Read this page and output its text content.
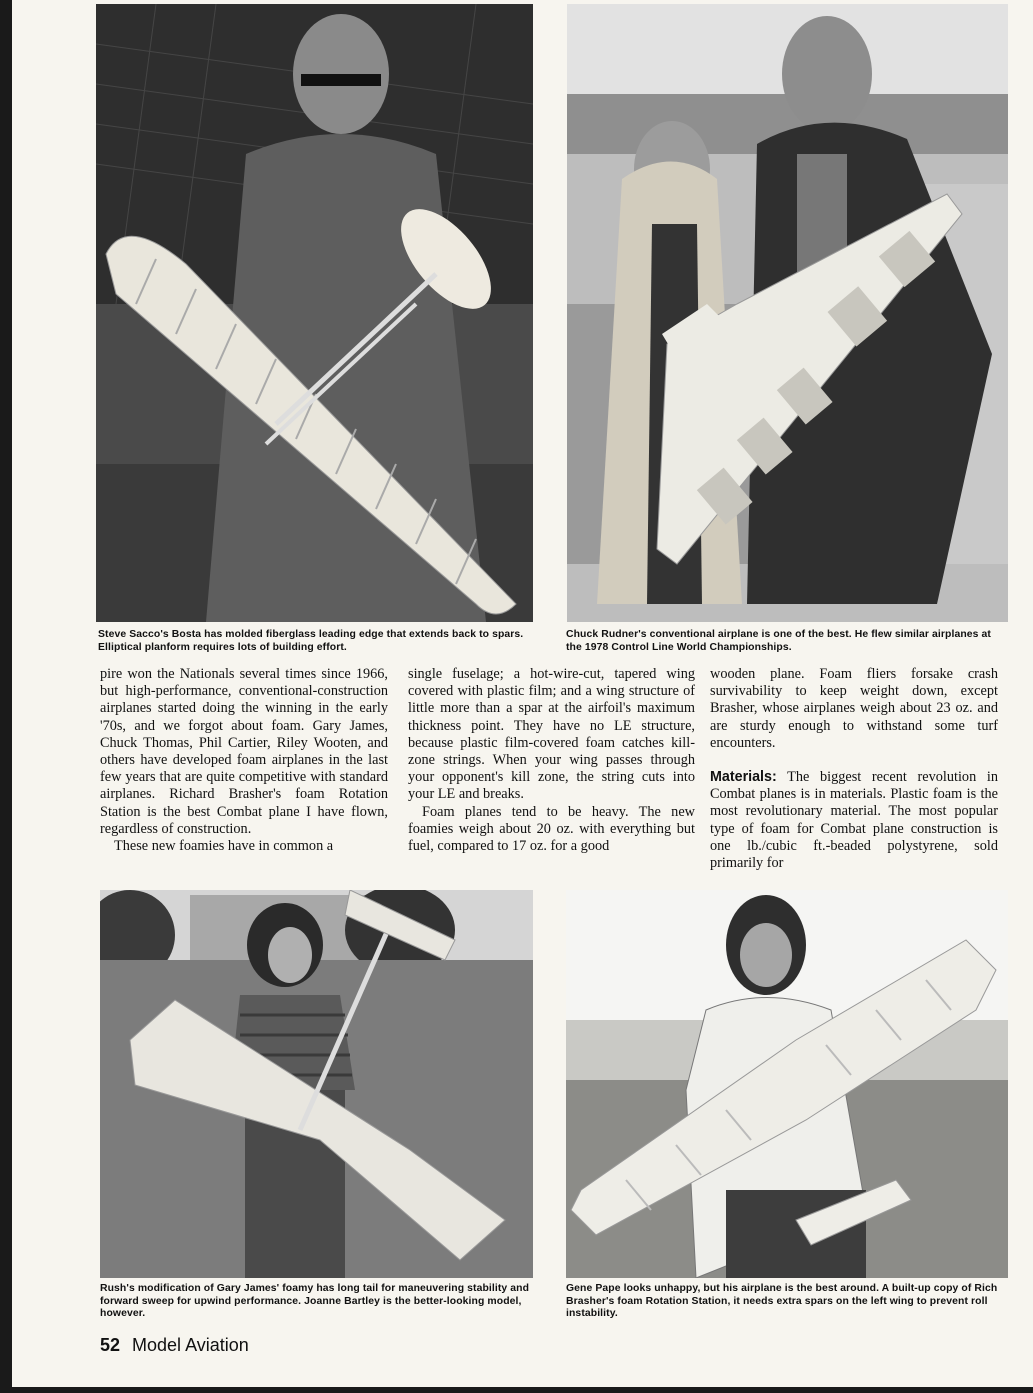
Steve Sacco's Bosta has molded fiberglass leading edge that extends back to spars. Elliptical planform requires lots of building effort.
Chuck Rudner's conventional airplane is one of the best. He flew similar airplanes at the 1978 Control Line World Championships.

pire won the Nationals several times since 1966, but high-performance, conventional-construction airplanes started doing the winning in the early '70s, and we forgot about foam. Gary James, Chuck Thomas, Phil Cartier, Riley Wooten, and others have developed foam airplanes in the last few years that are quite competitive with standard airplanes. Richard Brasher's foam Rotation Station is the best Combat plane I have flown, regardless of construction.

These new foamies have in common a

single fuselage; a hot-wire-cut, tapered wing covered with plastic film; and a wing structure of little more than a spar at the airfoil's maximum thickness point. They have no LE structure, because plastic film-covered foam catches kill-zone strings. When your wing passes through your opponent's kill zone, the string cuts into your LE and breaks.

Foam planes tend to be heavy. The new foamies weigh about 20 oz. with everything but fuel, compared to 17 oz. for a good

wooden plane. Foam fliers forsake crash survivability to keep weight down, except Brasher, whose airplanes weigh about 23 oz. and are sturdy enough to withstand some turf encounters.

Materials: The biggest recent revolution in Combat planes is in materials. Plastic foam is the most revolutionary material. The most popular type of foam for Combat plane construction is one lb./cubic ft.-beaded polystyrene, sold primarily for

Rush's modification of Gary James' foamy has long tail for maneuvering stability and forward sweep for upwind performance. Joanne Bartley is the better-looking model, however.
Gene Pape looks unhappy, but his airplane is the best around. A built-up copy of Rich Brasher's foam Rotation Station, it needs extra spars on the left wing to prevent roll instability.
52 Model Aviation
